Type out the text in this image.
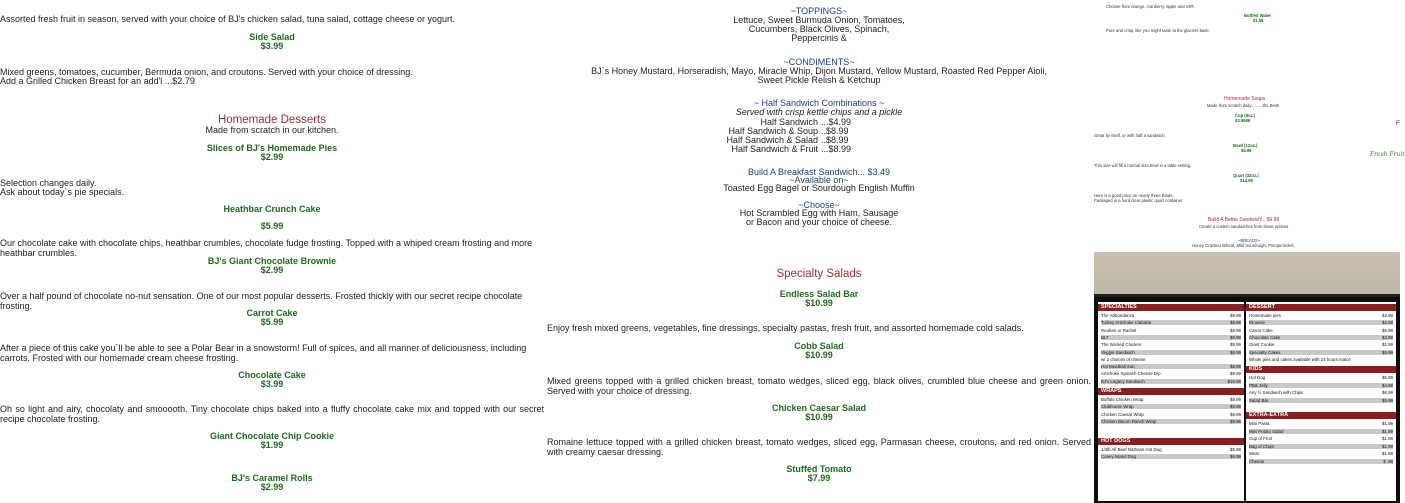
Assorted fresh fruit in season, served with your choice of BJ's chicken salad, tuna salad, cottage cheese or yogurt.
Side Salad
$3.99
Mixed greens, tomatoes, cucumber, Bermuda onion, and croutons. Served with your choice of dressing.
Add a Grilled Chicken Breast for an add'l ...$2.79
Homemade Desserts
Made from scratch in our kitchen.
Slices of BJ's Homemade Pies
$2.99
Selection changes daily.
Ask about today`s pie specials.
Heathbar Crunch Cake
$5.99
Our chocolate cake with chocolate chips, heathbar crumbles, chocolate fudge frosting. Topped with a whiped cream frosting and more heathbar crumbles.
BJ's Giant Chocolate Brownie
$2.99
Over a half pound of chocolate no-nut sensation. One of our most popular desserts. Frosted thickly with our secret recipe chocolate frosting.
Carrot Cake
$5.99
After a piece of this cake you`ll be able to see a Polar Bear in a snowstorm! Full of spices, and all manner of deliciousness, including carrots. Frosted with our homemade cream cheese frosting.
Chocolate Cake
$3.99
Oh so light and airy, chocolaty and smooooth. Tiny chocolate chips baked into a fluffy chocolate cake mix and topped with our secret recipe chocolate frosting.
Giant Chocolate Chip Cookie
$1.99
BJ's Caramel Rolls
$2.99
~TOPPINGS~
Lettuce, Sweet Burmuda Onion, Tomatoes,
Cucumbers, Black Olives, Spinach,
Peppercinis &
~CONDIMENTS~
BJ`s Honey Mustard, Horseradish, Mayo, Miracle Whip, Dijon Mustard, Yellow Mustard, Roasted Red Pepper Aioli,
Sweet Pickle Relish & Ketchup
~ Half Sandwich Combinations ~
Served with crisp kettle chips and a pickle
Half Sandwich ...$4.99
Half Sandwich & Soup ..$8.99
Half Sandwich & Salad ..$8.99
Half Sandwich & Fruit ...$8.99
Build A Breakfast Sandwich... $3.49
~Available on~
Toasted Egg Bagel or Sourdough English Muffin
~Choose~
Hot Scrambled Egg with Ham, Sausage
or Bacon and your choice of cheese.
Specialty Salads
Endless Salad Bar
$10.99
Enjoy fresh mixed greens, vegetables, fine dressings, specialty pastas, fresh fruit, and assorted homemade cold salads.
Cobb Salad
$10.99
Mixed greens topped with a grilled chicken breast, tomato wedges, sliced egg, black olives, crumbled blue cheese and green onion. Served with your choice of dressing.
Chicken Caesar Salad
$10.99
Romaine lettuce topped with a grilled chicken breast, tomato wedges, sliced egg, Parmasan cheese, croutons, and red onion. Served with creamy caesar dressing.
Stuffed Tomato
$7.99
Choose from orange, cranberry, apple and V8®.
Bottled Water
$1.59
Pure and crisp, like you might taste at the glaciers base.
Homemade Soups
Made from scratch daily..........the Best!
Cup (8oz.)
$3.9999
Great by itself, or with half a sandwich.
Bowl (12oz.)
$5.99
This size will fill a normal size bowl in a table setting.
Quart (32oz.)
$14.99
Here is a good price on nearly three bowls.
Packaged in a hard clear plastic quart container.
Build A Better Sandwich!.. $9.99
Create a custom sandwiches from these options
~BREADS~
Honey Cracked Wheat, Mild Sourdough, Pumpernickel,
Fresh Fruit
F
SPECIALTIES
WRAPS
HOT DOGS
The Abbondanza	$9.99
Turkey Artichoke Ciabatta	$9.99
Reuben or Rachel	$9.99
BLT	$9.99
The Wicked Chicken	$9.99
Veggie Sandwich	$8.99
w/ 2 choices of cheese
Hot Meatball Sub	$8.99
Artichoke Spinach Cheese Dip	$8.99
BJ's Legacy Sandwich	$10.99
Buffalo Chicken Wrap	$9.99
Clubhouse Wrap	$9.99
Chicken Caesar Wrap	$9.99
Chicken Bacon Ranch Wrap	$9.99
1/4lb All Beef Nathans Hot Dog	$5.99
Coney Island Dog	$6.99
DESSERT
KIDS
EXTRA-EXTRA
Homemade pies	$3.99
Brownie	$2.99
Carrot Cake	$5.99
Chocolate Cake	$3.99
Giant Cookie	$1.99
Specialty Cakes	$5.99
Whole pies and cakes available with 24 hours notice
Hot Dog	$5.99
PB& Jelly	$4.99
Any ½ Sandwich with Chips	$6.99
Salad Bar	$5.99
Mini Pasta	$1.99
Mini Potato Salad	$1.99
Cup of Fruit	$1.99
Bag of Chips	$1.99
Meat	$1.99
Cheese	$ .99
